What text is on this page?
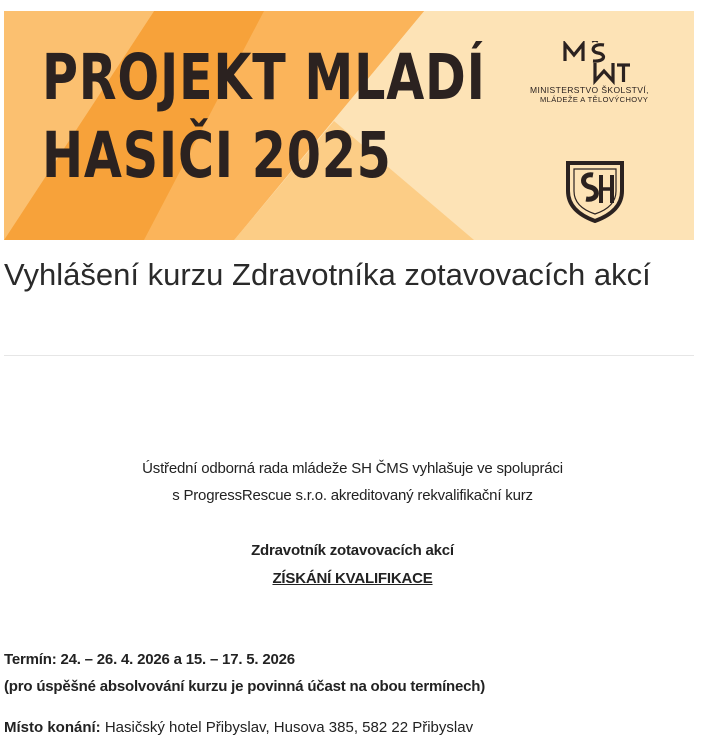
PROJEKT MLADÍ
HASIČI 2025
MINISTERSTVO ŠKOLSTVÍ,
MLÁDEŽE A TĚLOVÝCHOVY
Vyhlášení kurzu Zdravotníka zotavovacích akcí
Ústřední odborná rada mládeže SH ČMS vyhlašuje ve spolupráci
s ProgressRescue s.r.o. akreditovaný rekvalifikační kurz
Zdravotník zotavovacích akcí
ZÍSKÁNÍ KVALIFIKACE
Termín: 24. – 26. 4. 2026 a 15. – 17. 5. 2026
(pro úspěšné absolvování kurzu je povinná účast na obou termínech)
Místo konání: Hasičský hotel Přibyslav, Husova 385, 582 22 Přibyslav
